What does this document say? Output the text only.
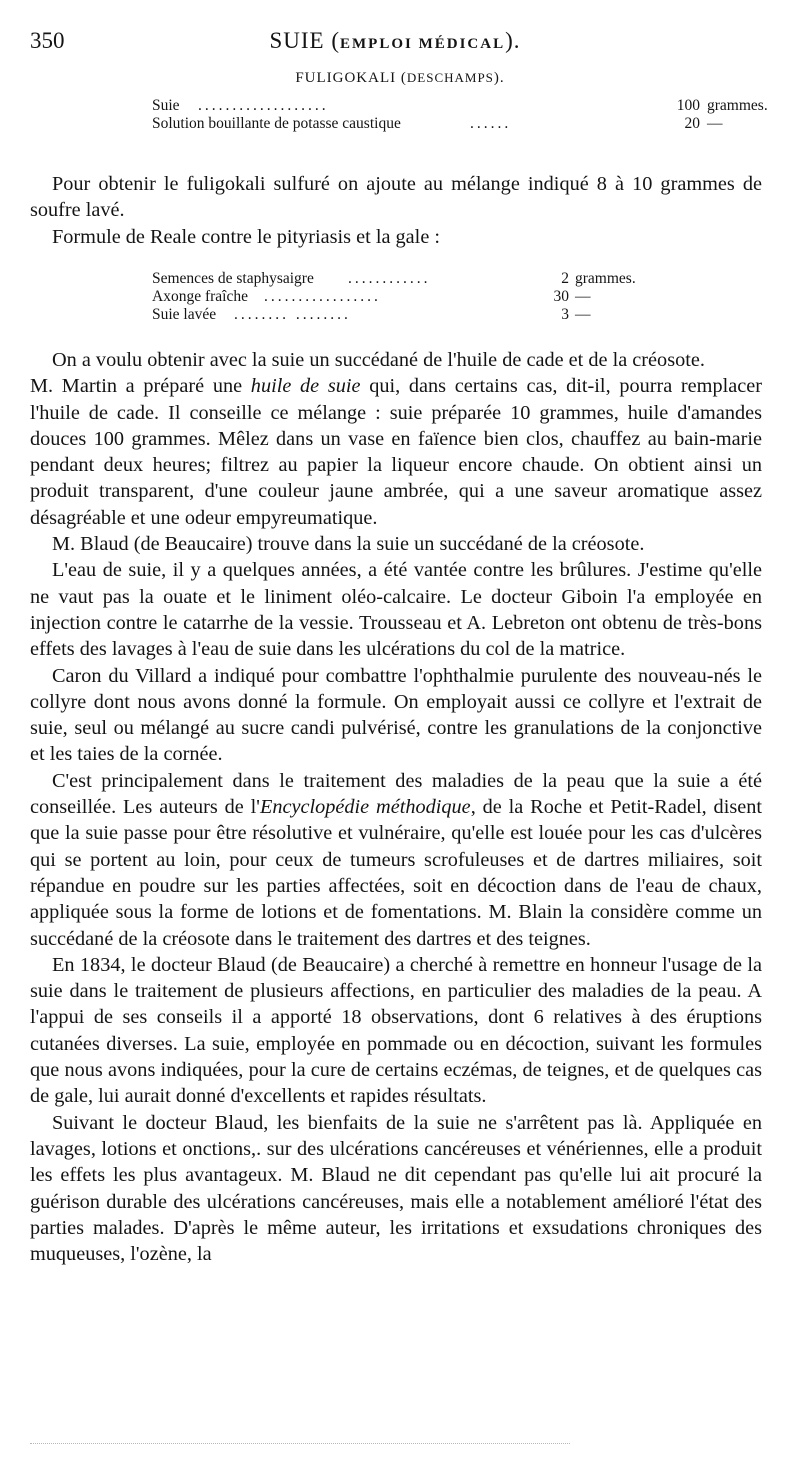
350	SUIE (EMPLOI MÉDICAL).
FULIGOKALI (DESCHAMPS).
Suie ...................	100 grammes.
Solution bouillante de potasse caustique	......	20 —

Pour obtenir le fuligokali sulfuré on ajoute au mélange indiqué 8 à 10 grammes de soufre lavé.

Formule de Reale contre le pityriasis et la gale :

Semences de staphysaigre ............	2 grammes.
Axonge fraîche .................	30 —
Suie lavée ........ ........	3 —

On a voulu obtenir avec la suie un succédané de l'huile de cade et de la créosote.

M. Martin a préparé une huile de suie qui, dans certains cas, dit-il, pourra remplacer l'huile de cade. Il conseille ce mélange : suie préparée 10 grammes, huile d'amandes douces 100 grammes. Mêlez dans un vase en faïence bien clos, chauffez au bain-marie pendant deux heures; filtrez au papier la liqueur encore chaude. On obtient ainsi un produit transparent, d'une couleur jaune ambrée, qui a une saveur aromatique assez désagréable et une odeur empyreumatique.

M. Blaud (de Beaucaire) trouve dans la suie un succédané de la créosote.

L'eau de suie, il y a quelques années, a été vantée contre les brûlures. J'estime qu'elle ne vaut pas la ouate et le liniment oléo-calcaire. Le docteur Giboin l'a employée en injection contre le catarrhe de la vessie. Trousseau et A. Lebreton ont obtenu de très-bons effets des lavages à l'eau de suie dans les ulcérations du col de la matrice.

Caron du Villard a indiqué pour combattre l'ophthalmie purulente des nouveau-nés le collyre dont nous avons donné la formule. On employait aussi ce collyre et l'extrait de suie, seul ou mélangé au sucre candi pulvérisé, contre les granulations de la conjonctive et les taies de la cornée.

C'est principalement dans le traitement des maladies de la peau que la suie a été conseillée. Les auteurs de l'Encyclopédie méthodique, de la Roche et Petit-Radel, disent que la suie passe pour être résolutive et vulnéraire, qu'elle est louée pour les cas d'ulcères qui se portent au loin, pour ceux de tumeurs scrofuleuses et de dartres miliaires, soit répandue en poudre sur les parties affectées, soit en décoction dans de l'eau de chaux, appliquée sous la forme de lotions et de fomentations. M. Blain la considère comme un succédané de la créosote dans le traitement des dartres et des teignes.

En 1834, le docteur Blaud (de Beaucaire) a cherché à remettre en honneur l'usage de la suie dans le traitement de plusieurs affections, en particulier des maladies de la peau. A l'appui de ses conseils il a apporté 18 observations, dont 6 relatives à des éruptions cutanées diverses. La suie, employée en pommade ou en décoction, suivant les formules que nous avons indiquées, pour la cure de certains eczémas, de teignes, et de quelques cas de gale, lui aurait donné d'excellents et rapides résultats.

Suivant le docteur Blaud, les bienfaits de la suie ne s'arrêtent pas là. Appliquée en lavages, lotions et onctions,. sur des ulcérations cancéreuses et vénériennes, elle a produit les effets les plus avantageux. M. Blaud ne dit cependant pas qu'elle lui ait procuré la guérison durable des ulcérations cancéreuses, mais elle a notablement amélioré l'état des parties malades. D'après le même auteur, les irritations et exsudations chroniques des muqueuses, l'ozène, la
